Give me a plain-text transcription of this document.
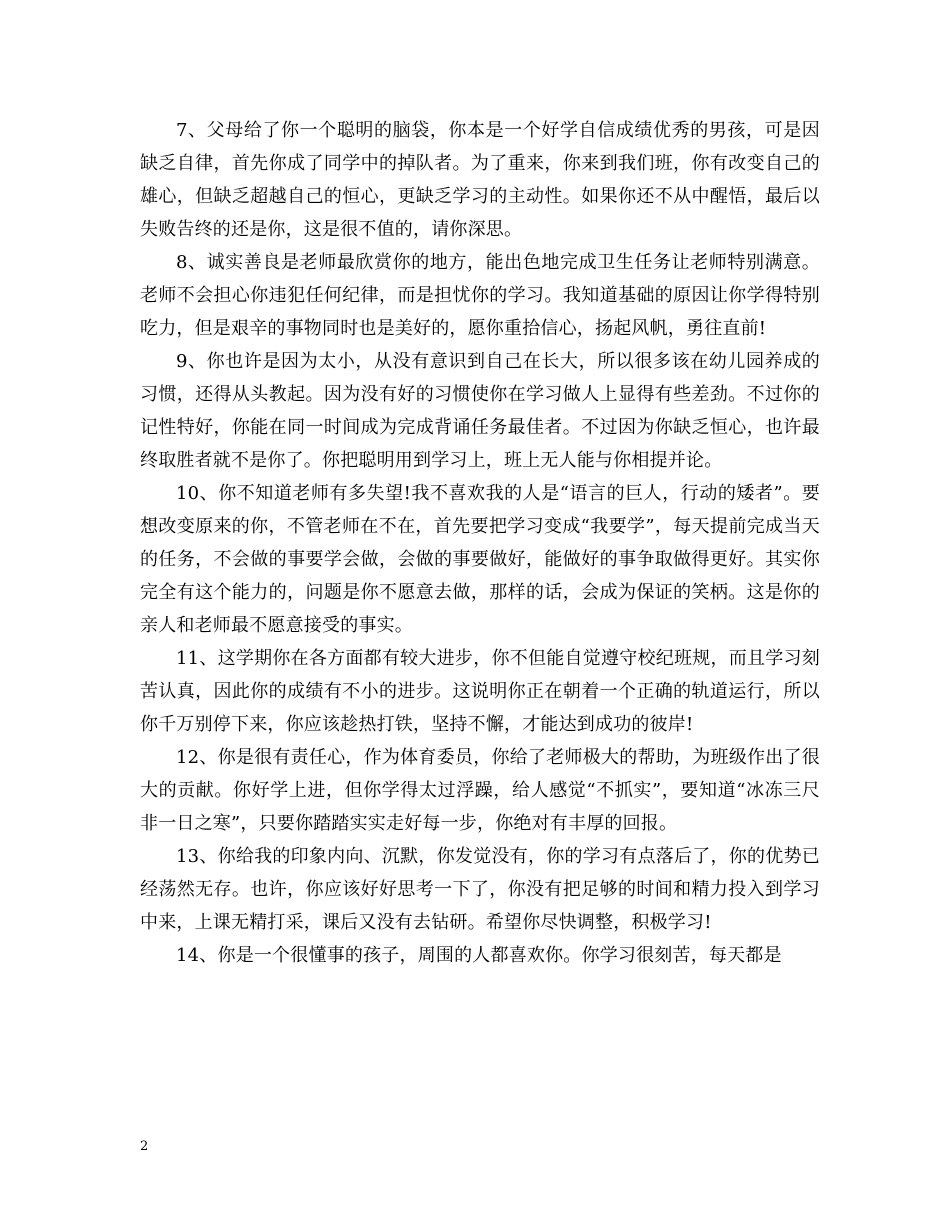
7、父母给了你一个聪明的脑袋，你本是一个好学自信成绩优秀的男孩，可是因缺乏自律，首先你成了同学中的掉队者。为了重来，你来到我们班，你有改变自己的雄心，但缺乏超越自己的恒心，更缺乏学习的主动性。如果你还不从中醒悟，最后以失败告终的还是你，这是很不值的，请你深思。

8、诚实善良是老师最欣赏你的地方，能出色地完成卫生任务让老师特别满意。老师不会担心你违犯任何纪律，而是担忧你的学习。我知道基础的原因让你学得特别吃力，但是艰辛的事物同时也是美好的，愿你重拾信心，扬起风帆，勇往直前!

9、你也许是因为太小，从没有意识到自己在长大，所以很多该在幼儿园养成的习惯，还得从头教起。因为没有好的习惯使你在学习做人上显得有些差劲。不过你的记性特好，你能在同一时间成为完成背诵任务最佳者。不过因为你缺乏恒心，也许最终取胜者就不是你了。你把聪明用到学习上，班上无人能与你相提并论。

10、你不知道老师有多失望!我不喜欢我的人是“语言的巨人，行动的矮者”。要想改变原来的你，不管老师在不在，首先要把学习变成“我要学”，每天提前完成当天的任务，不会做的事要学会做，会做的事要做好，能做好的事争取做得更好。其实你完全有这个能力的，问题是你不愿意去做，那样的话，会成为保证的笑柄。这是你的亲人和老师最不愿意接受的事实。

11、这学期你在各方面都有较大进步，你不但能自觉遵守校纪班规，而且学习刻苦认真，因此你的成绩有不小的进步。这说明你正在朝着一个正确的轨道运行，所以你千万别停下来，你应该趁热打铁，坚持不懈，才能达到成功的彼岸!

12、你是很有责任心，作为体育委员，你给了老师极大的帮助，为班级作出了很大的贡献。你好学上进，但你学得太过浮躁，给人感觉“不抓实”，要知道“冰冻三尺非一日之寒”，只要你踏踏实实走好每一步，你绝对有丰厚的回报。

13、你给我的印象内向、沉默，你发觉没有，你的学习有点落后了，你的优势已经荡然无存。也许，你应该好好思考一下了，你没有把足够的时间和精力投入到学习中来，上课无精打采，课后又没有去钻研。希望你尽快调整，积极学习!

14、你是一个很懂事的孩子，周围的人都喜欢你。你学习很刻苦，每天都是

2
